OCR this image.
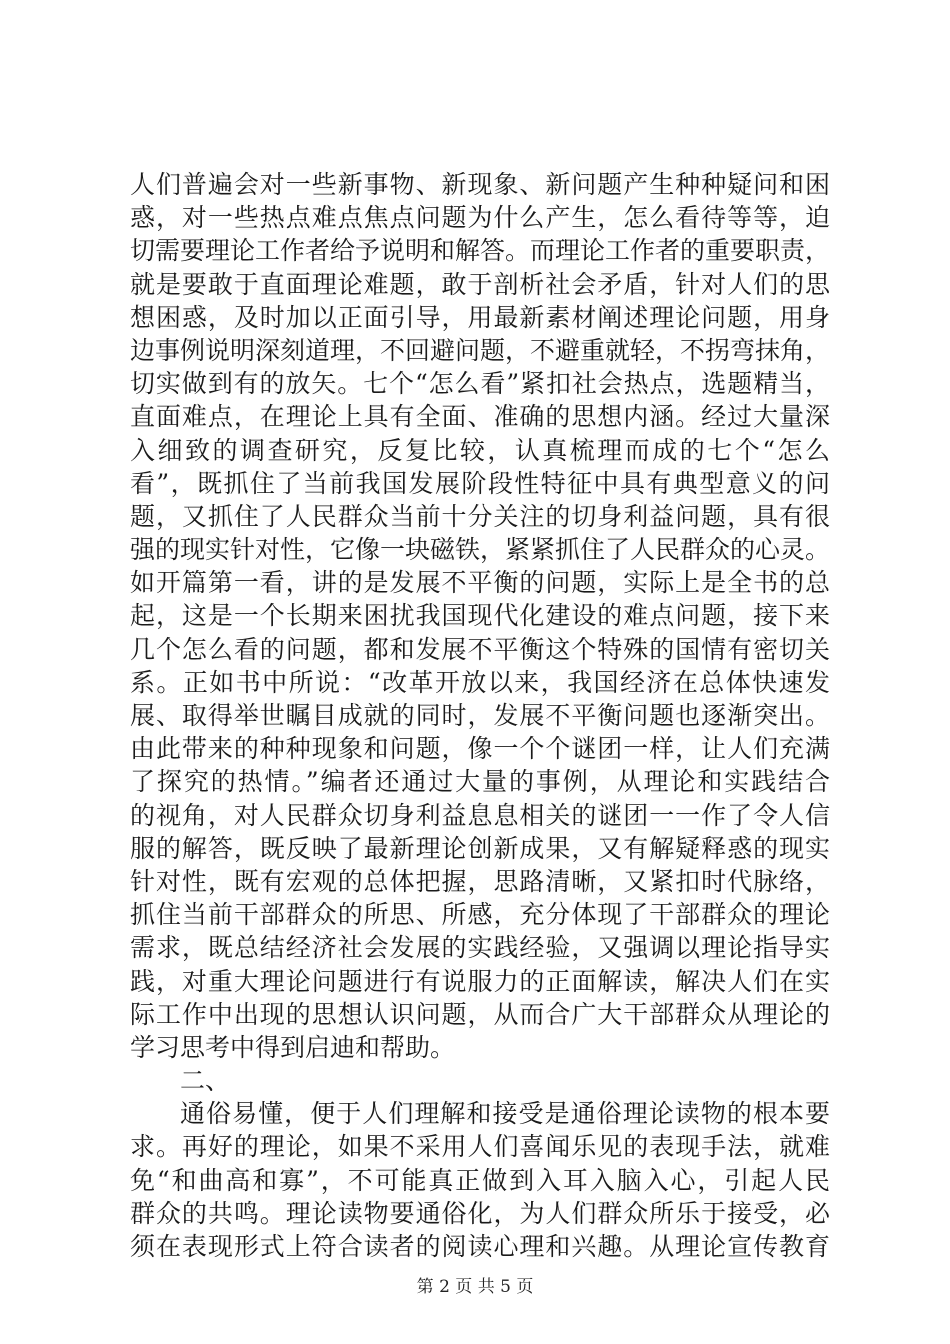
人们普遍会对一些新事物、新现象、新问题产生种种疑问和困
惑，对一些热点难点焦点问题为什么产生，怎么看待等等，迫
切需要理论工作者给予说明和解答。而理论工作者的重要职责，
就是要敢于直面理论难题，敢于剖析社会矛盾，针对人们的思
想困惑，及时加以正面引导，用最新素材阐述理论问题，用身
边事例说明深刻道理，不回避问题，不避重就轻，不拐弯抹角，
切实做到有的放矢。七个“怎么看”紧扣社会热点，选题精当，
直面难点，在理论上具有全面、准确的思想内涵。经过大量深
入细致的调查研究，反复比较，认真梳理而成的七个“怎么
看”，既抓住了当前我国发展阶段性特征中具有典型意义的问
题，又抓住了人民群众当前十分关注的切身利益问题，具有很
强的现实针对性，它像一块磁铁，紧紧抓住了人民群众的心灵。
如开篇第一看，讲的是发展不平衡的问题，实际上是全书的总
起，这是一个长期来困扰我国现代化建设的难点问题，接下来
几个怎么看的问题，都和发展不平衡这个特殊的国情有密切关
系。正如书中所说：“改革开放以来，我国经济在总体快速发
展、取得举世瞩目成就的同时，发展不平衡问题也逐渐突出。
由此带来的种种现象和问题，像一个个谜团一样，让人们充满
了探究的热情。”编者还通过大量的事例，从理论和实践结合
的视角，对人民群众切身利益息息相关的谜团一一作了令人信
服的解答，既反映了最新理论创新成果，又有解疑释惑的现实
针对性，既有宏观的总体把握，思路清晰，又紧扣时代脉络，
抓住当前干部群众的所思、所感，充分体现了干部群众的理论
需求，既总结经济社会发展的实践经验，又强调以理论指导实
践，对重大理论问题进行有说服力的正面解读，解决人们在实
际工作中出现的思想认识问题，从而合广大干部群众从理论的
学习思考中得到启迪和帮助。
二、
通俗易懂，便于人们理解和接受是通俗理论读物的根本要
求。再好的理论，如果不采用人们喜闻乐见的表现手法，就难
免“和曲高和寡”，不可能真正做到入耳入脑入心，引起人民
群众的共鸣。理论读物要通俗化，为人们群众所乐于接受，必
须在表现形式上符合读者的阅读心理和兴趣。从理论宣传教育
第 2 页 共 5 页
